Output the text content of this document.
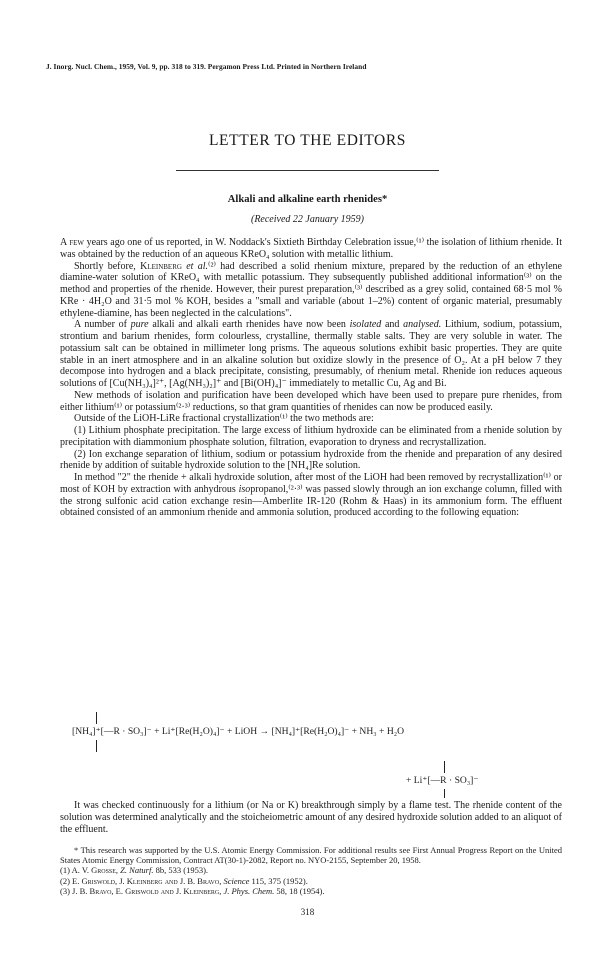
J. Inorg. Nucl. Chem., 1959, Vol. 9, pp. 318 to 319. Pergamon Press Ltd. Printed in Northern Ireland
LETTER TO THE EDITORS
Alkali and alkaline earth rhenides*
(Received 22 January 1959)

A few years ago one of us reported, in W. Noddack's Sixtieth Birthday Celebration issue,⁽¹⁾ the isolation of lithium rhenide. It was obtained by the reduction of an aqueous KReO₄ solution with metallic lithium.

Shortly before, Kleinberg et al.⁽²⁾ had described a solid rhenium mixture, prepared by the reduction of an ethylene diamine-water solution of KReO₄ with metallic potassium. They subsequently published additional information⁽³⁾ on the method and properties of the rhenide. However, their purest preparation,⁽³⁾ described as a grey solid, contained 68·5 mol % KRe · 4H₂O and 31·5 mol % KOH, besides a "small and variable (about 1–2%) content of organic material, presumably ethylene-diamine, has been neglected in the calculations".

A number of pure alkali and alkali earth rhenides have now been isolated and analysed. Lithium, sodium, potassium, strontium and barium rhenides, form colourless, crystalline, thermally stable salts. They are very soluble in water. The potassium salt can be obtained in millimeter long prisms. The aqueous solutions exhibit basic properties. They are quite stable in an inert atmosphere and in an alkaline solution but oxidize slowly in the presence of O₂. At a pH below 7 they decompose into hydrogen and a black precipitate, consisting, presumably, of rhenium metal. Rhenide ion reduces aqueous solutions of [Cu(NH₃)₄]²⁺, [Ag(NH₃)₂]⁺ and [Bi(OH)₄]⁻ immediately to metallic Cu, Ag and Bi.

New methods of isolation and purification have been developed which have been used to prepare pure rhenides, from either lithium⁽¹⁾ or potassium⁽²·³⁾ reductions, so that gram quantities of rhenides can now be produced easily.

Outside of the LiOH-LiRe fractional crystallization⁽¹⁾ the two methods are:

(1) Lithium phosphate precipitation. The large excess of lithium hydroxide can be eliminated from a rhenide solution by precipitation with diammonium phosphate solution, filtration, evaporation to dryness and recrystallization.

(2) Ion exchange separation of lithium, sodium or potassium hydroxide from the rhenide and preparation of any desired rhenide by addition of suitable hydroxide solution to the [NH₄]Re solution.

In method "2" the rhenide + alkali hydroxide solution, after most of the LiOH had been removed by recrystallization⁽¹⁾ or most of KOH by extraction with anhydrous isopropanol,⁽²·³⁾ was passed slowly through an ion exchange column, filled with the strong sulfonic acid cation exchange resin—Amberlite IR-120 (Rohm & Haas) in its ammonium form. The effluent obtained consisted of an ammonium rhenide and ammonia solution, produced according to the following equation:

[NH₄]⁺[—R · SO₃]⁻ + Li⁺[Re(H₂O)₄]⁻ + LiOH → [NH₄]⁺[Re(H₂O)₄]⁻ + NH₃ + H₂O
+ Li⁺[—R · SO₃]⁻

It was checked continuously for a lithium (or Na or K) breakthrough simply by a flame test. The rhenide content of the solution was determined analytically and the stoicheiometric amount of any desired hydroxide solution added to an aliquot of the effluent.

* This research was supported by the U.S. Atomic Energy Commission. For additional results see First Annual Progress Report on the United States Atomic Energy Commission, Contract AT(30-1)-2082, Report no. NYO-2155, September 20, 1958.

(1) A. V. Grosse, Z. Naturf. 8b, 533 (1953).

(2) E. Griswold, J. Kleinberg and J. B. Bravo, Science 115, 375 (1952).

(3) J. B. Bravo, E. Griswold and J. Kleinberg, J. Phys. Chem. 58, 18 (1954).

318
